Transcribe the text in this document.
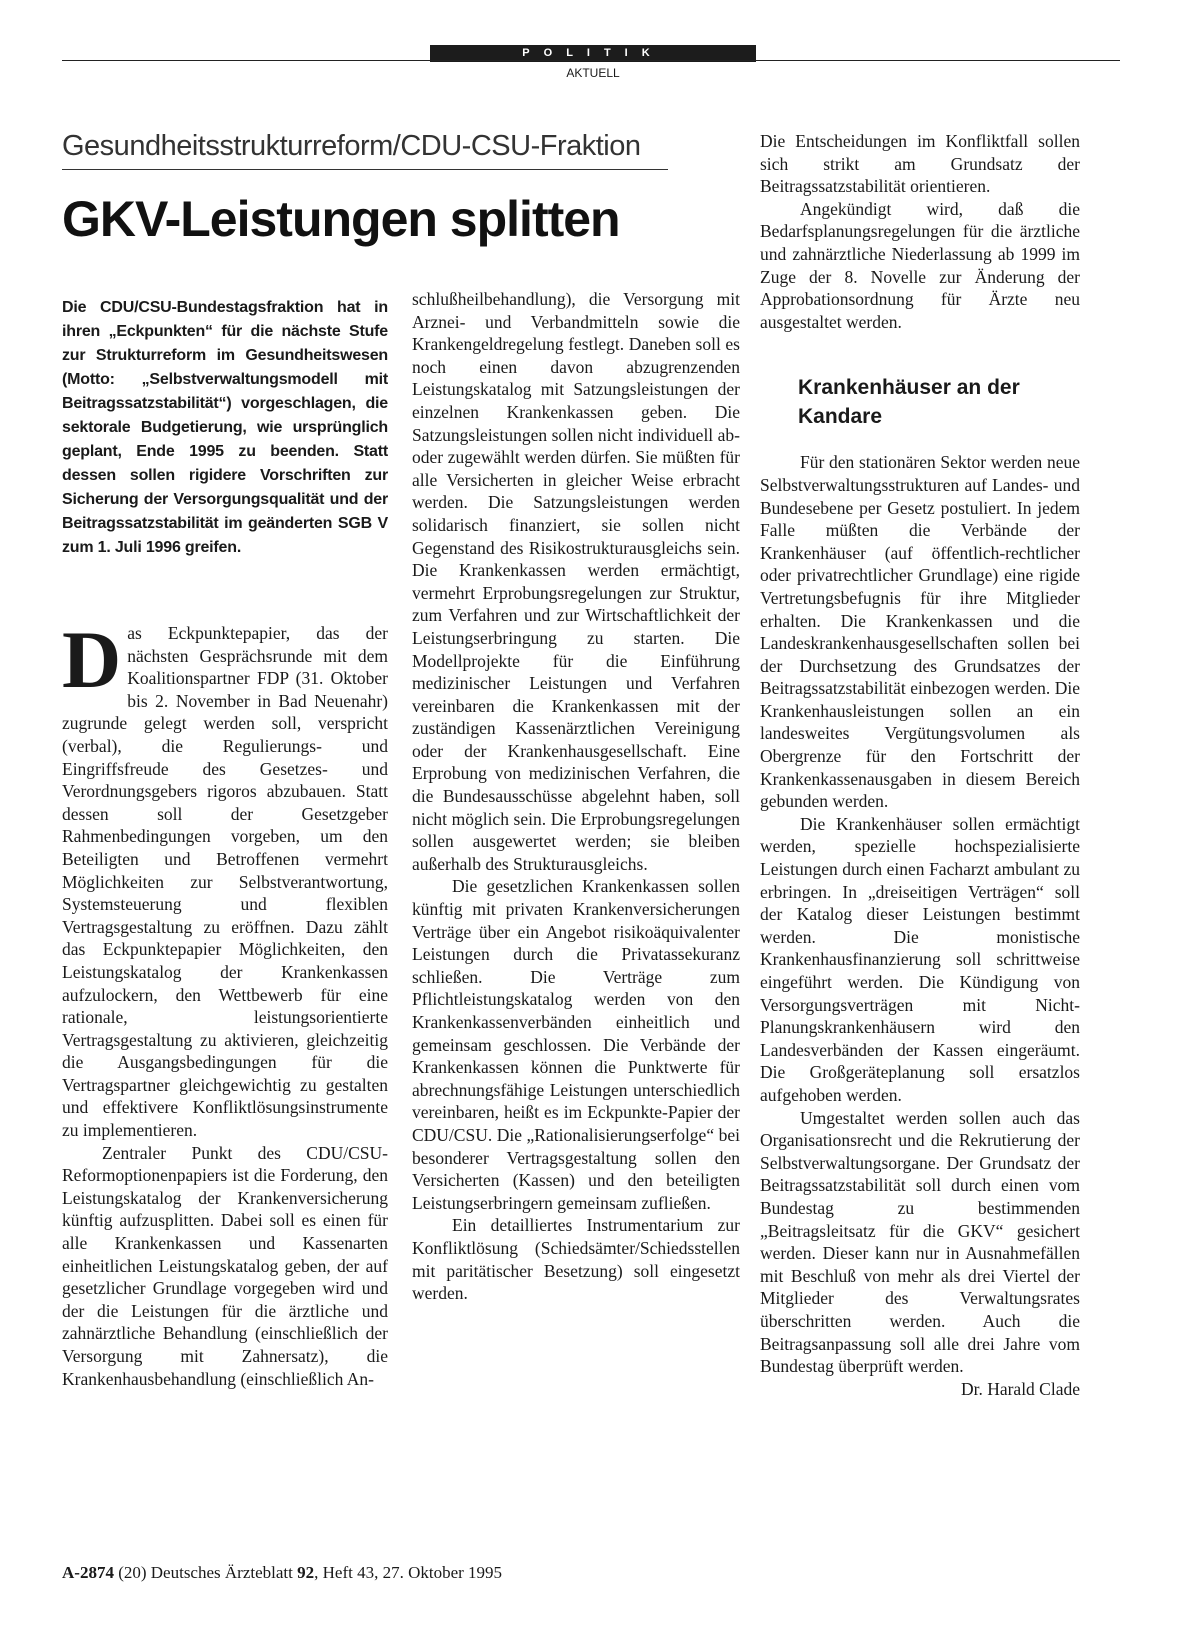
POLITIK
AKTUELL
Gesundheitsstrukturreform/CDU-CSU-Fraktion
GKV-Leistungen splitten

Die CDU/CSU-Bundestagsfraktion hat in ihren „Eckpunkten“ für die nächste Stufe zur Strukturreform im Gesundheitswesen (Motto: „Selbstverwaltungsmodell mit Beitragssatzstabilität“) vorgeschlagen, die sektorale Budgetierung, wie ursprünglich geplant, Ende 1995 zu beenden. Statt dessen sollen rigidere Vorschriften zur Sicherung der Versorgungsqualität und der Beitragssatzstabilität im geänderten SGB V zum 1. Juli 1996 greifen.

Das Eckpunktepapier, das der nächsten Gesprächsrunde mit dem Koalitionspartner FDP (31. Oktober bis 2. November in Bad Neuenahr) zugrunde gelegt werden soll, verspricht (verbal), die Regulierungs- und Eingriffsfreude des Gesetzes- und Verordnungsgebers rigoros abzubauen. Statt dessen soll der Gesetzgeber Rahmenbedingungen vorgeben, um den Beteiligten und Betroffenen vermehrt Möglichkeiten zur Selbstverantwortung, Systemsteuerung und flexiblen Vertragsgestaltung zu eröffnen. Dazu zählt das Eckpunktepapier Möglichkeiten, den Leistungskatalog der Krankenkassen aufzulockern, den Wettbewerb für eine rationale, leistungsorientierte Vertragsgestaltung zu aktivieren, gleichzeitig die Ausgangsbedingungen für die Vertragspartner gleichgewichtig zu gestalten und effektivere Konfliktlösungsinstrumente zu implementieren.

Zentraler Punkt des CDU/CSU-Reformoptionenpapiers ist die Forderung, den Leistungskatalog der Krankenversicherung künftig aufzusplitten. Dabei soll es einen für alle Krankenkassen und Kassenarten einheitlichen Leistungskatalog geben, der auf gesetzlicher Grundlage vorgegeben wird und der die Leistungen für die ärztliche und zahnärztliche Behandlung (einschließlich der Versorgung mit Zahnersatz), die Krankenhausbehandlung (einschließlich An-

schlußheilbehandlung), die Versorgung mit Arznei- und Verbandmitteln sowie die Krankengeldregelung festlegt. Daneben soll es noch einen davon abzugrenzenden Leistungskatalog mit Satzungsleistungen der einzelnen Krankenkassen geben. Die Satzungsleistungen sollen nicht individuell ab- oder zugewählt werden dürfen. Sie müßten für alle Versicherten in gleicher Weise erbracht werden. Die Satzungsleistungen werden solidarisch finanziert, sie sollen nicht Gegenstand des Risikostrukturausgleichs sein. Die Krankenkassen werden ermächtigt, vermehrt Erprobungsregelungen zur Struktur, zum Verfahren und zur Wirtschaftlichkeit der Leistungserbringung zu starten. Die Modellprojekte für die Einführung medizinischer Leistungen und Verfahren vereinbaren die Krankenkassen mit der zuständigen Kassenärztlichen Vereinigung oder der Krankenhausgesellschaft. Eine Erprobung von medizinischen Verfahren, die die Bundesausschüsse abgelehnt haben, soll nicht möglich sein. Die Erprobungsregelungen sollen ausgewertet werden; sie bleiben außerhalb des Strukturausgleichs.

Die gesetzlichen Krankenkassen sollen künftig mit privaten Krankenversicherungen Verträge über ein Angebot risikoäquivalenter Leistungen durch die Privatassekuranz schließen. Die Verträge zum Pflichtleistungskatalog werden von den Krankenkassenverbänden einheitlich und gemeinsam geschlossen. Die Verbände der Krankenkassen können die Punktwerte für abrechnungsfähige Leistungen unterschiedlich vereinbaren, heißt es im Eckpunkte-Papier der CDU/CSU. Die „Rationalisierungserfolge“ bei besonderer Vertragsgestaltung sollen den Versicherten (Kassen) und den beteiligten Leistungserbringern gemeinsam zufließen.

Ein detailliertes Instrumentarium zur Konfliktlösung (Schiedsämter/Schiedsstellen mit paritätischer Besetzung) soll eingesetzt werden.

Die Entscheidungen im Konfliktfall sollen sich strikt am Grundsatz der Beitragssatzstabilität orientieren.

Angekündigt wird, daß die Bedarfsplanungsregelungen für die ärztliche und zahnärztliche Niederlassung ab 1999 im Zuge der 8. Novelle zur Änderung der Approbationsordnung für Ärzte neu ausgestaltet werden.

Krankenhäuser an der Kandare

Für den stationären Sektor werden neue Selbstverwaltungsstrukturen auf Landes- und Bundesebene per Gesetz postuliert. In jedem Falle müßten die Verbände der Krankenhäuser (auf öffentlich-rechtlicher oder privatrechtlicher Grundlage) eine rigide Vertretungsbefugnis für ihre Mitglieder erhalten. Die Krankenkassen und die Landeskrankenhausgesellschaften sollen bei der Durchsetzung des Grundsatzes der Beitragssatzstabilität einbezogen werden. Die Krankenhausleistungen sollen an ein landesweites Vergütungsvolumen als Obergrenze für den Fortschritt der Krankenkassenausgaben in diesem Bereich gebunden werden.

Die Krankenhäuser sollen ermächtigt werden, spezielle hochspezialisierte Leistungen durch einen Facharzt ambulant zu erbringen. In „dreiseitigen Verträgen“ soll der Katalog dieser Leistungen bestimmt werden. Die monistische Krankenhausfinanzierung soll schrittweise eingeführt werden. Die Kündigung von Versorgungsverträgen mit Nicht-Planungskrankenhäusern wird den Landesverbänden der Kassen eingeräumt. Die Großgeräteplanung soll ersatzlos aufgehoben werden.

Umgestaltet werden sollen auch das Organisationsrecht und die Rekrutierung der Selbstverwaltungsorgane. Der Grundsatz der Beitragssatzstabilität soll durch einen vom Bundestag zu bestimmenden „Beitragsleitsatz für die GKV“ gesichert werden. Dieser kann nur in Ausnahmefällen mit Beschluß von mehr als drei Viertel der Mitglieder des Verwaltungsrates überschritten werden. Auch die Beitragsanpassung soll alle drei Jahre vom Bundestag überprüft werden.
Dr. Harald Clade

A-2874 (20) Deutsches Ärzteblatt 92, Heft 43, 27. Oktober 1995
